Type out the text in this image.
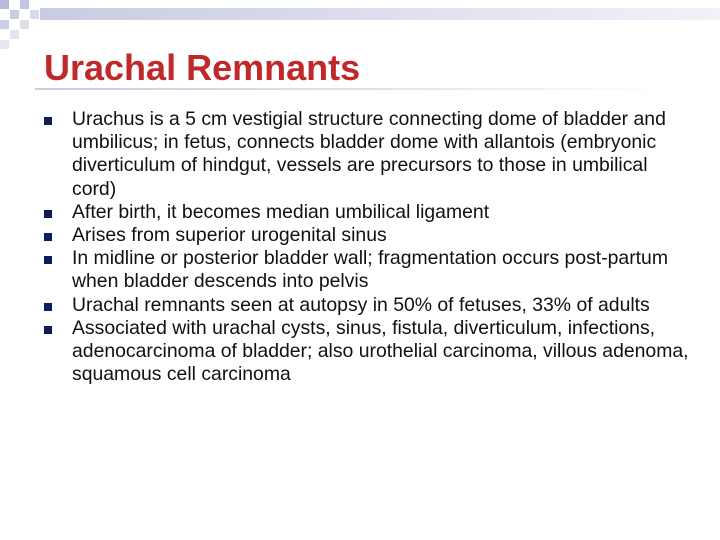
Urachal Remnants
Urachus is a 5 cm vestigial structure connecting dome of bladder and umbilicus; in fetus, connects bladder dome with allantois (embryonic diverticulum of hindgut, vessels are precursors to those in umbilical cord)
After birth, it becomes median umbilical ligament
Arises from superior urogenital sinus
In midline or posterior bladder wall; fragmentation occurs post-partum when bladder descends into pelvis
Urachal remnants seen at autopsy in 50% of fetuses, 33% of adults
Associated with urachal cysts, sinus, fistula, diverticulum, infections, adenocarcinoma of bladder; also urothelial carcinoma, villous adenoma, squamous cell carcinoma
